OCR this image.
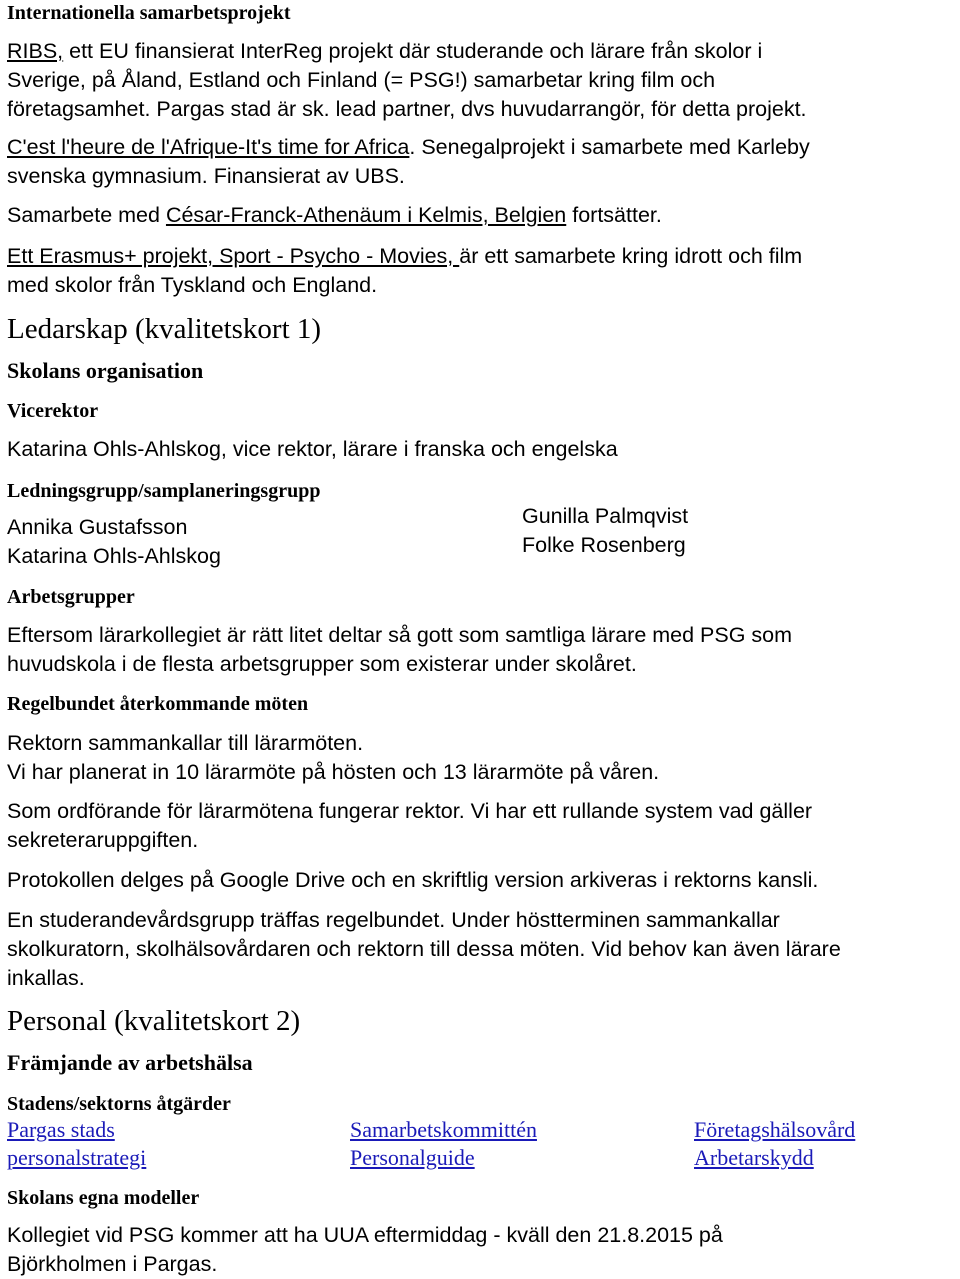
Internationella samarbetsprojekt
RIBS, ett EU finansierat InterReg projekt där studerande och lärare från skolor i
Sverige, på Åland, Estland och Finland (= PSG!) samarbetar kring film och
företagsamhet. Pargas stad är sk. lead partner, dvs huvudarrangör, för detta projekt.
C'est l'heure de l'Afrique-It's time for Africa. Senegalprojekt i samarbete med Karleby
svenska gymnasium. Finansierat av UBS.
Samarbete med César-Franck-Athenäum i Kelmis, Belgien fortsätter.
Ett Erasmus+ projekt, Sport - Psycho - Movies, är ett samarbete kring idrott och film
med skolor från Tyskland och England.
Ledarskap (kvalitetskort 1)
Skolans organisation
Vicerektor
Katarina Ohls-Ahlskog, vice rektor, lärare i franska och engelska
Ledningsgrupp/samplaneringsgrupp
Annika Gustafsson
Katarina Ohls-Ahlskog
Gunilla Palmqvist
Folke Rosenberg
Arbetsgrupper
Eftersom lärarkollegiet är rätt litet deltar så gott som samtliga lärare med PSG som
huvudskola i de flesta arbetsgrupper som existerar under skolåret.
Regelbundet återkommande möten
Rektorn sammankallar till lärarmöten.
Vi har planerat in 10 lärarmöte på hösten och 13 lärarmöte på våren.
Som ordförande för lärarmötena fungerar rektor. Vi har ett rullande system vad gäller
sekreteraruppgiften.
Protokollen delges på Google Drive och en skriftlig version arkiveras i rektorns kansli.
En studerandevårdsgrupp träffas regelbundet. Under höstterminen sammankallar
skolkuratorn, skolhälsovårdaren och rektorn till dessa möten. Vid behov kan även lärare
inkallas.
Personal (kvalitetskort 2)
Främjande av arbetshälsa
Stadens/sektorns åtgärder
Pargas stads
personalstrategi
Samarbetskommittén
Personalguide
Företagshälsovård
Arbetarskydd
Skolans egna modeller
Kollegiet vid PSG kommer att ha UUA eftermiddag - kväll den 21.8.2015 på
Björkholmen i Pargas.
